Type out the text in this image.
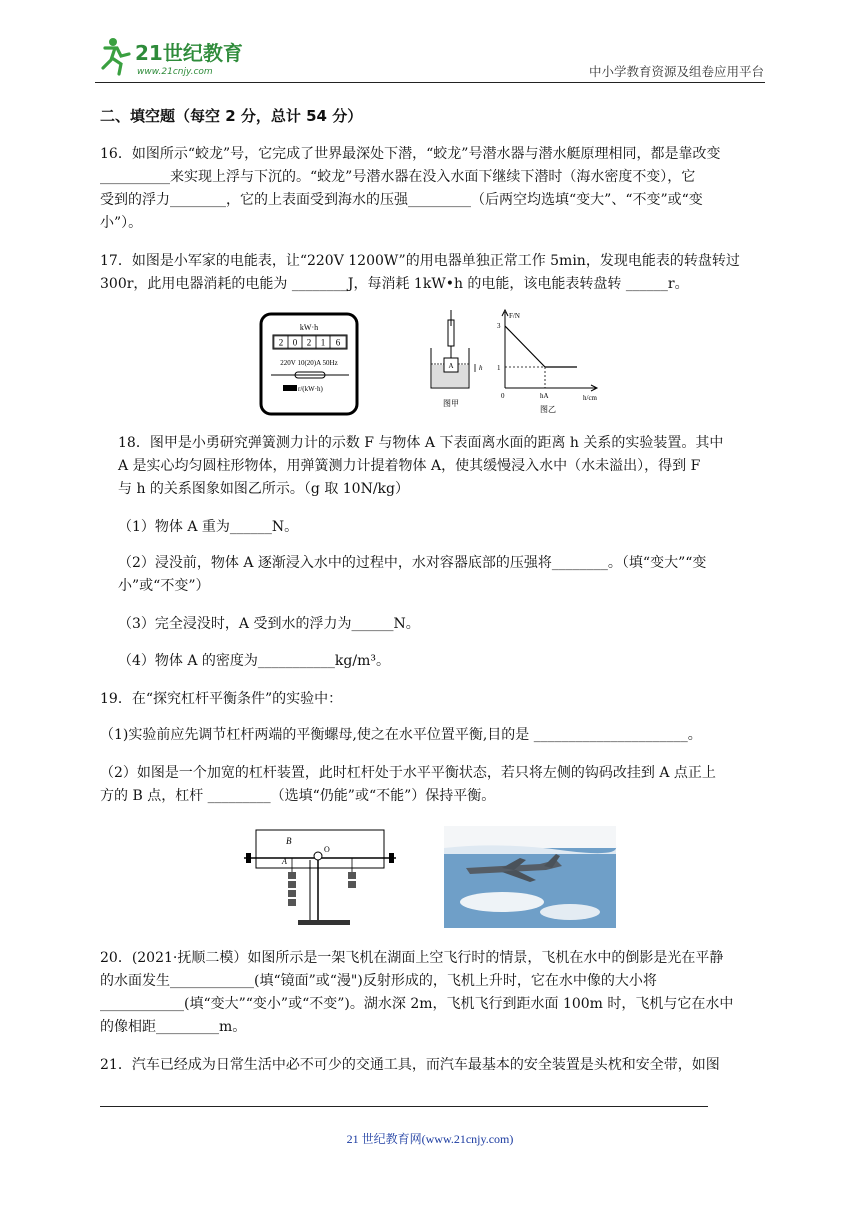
21世纪教育
www.21cnjy.com	中小学教育资源及组卷应用平台
二、填空题（每空 2 分，总计 54 分）
16．如图所示“蛟龙”号，它完成了世界最深处下潜，“蛟龙”号潜水器与潜水艇原理相同，都是靠改变
__________来实现上浮与下沉的。“蛟龙”号潜水器在没入水面下继续下潜时（海水密度不变），它
受到的浮力________，它的上表面受到海水的压强_________（后两空均选填“变大”、“不变”或“变
小”）。
17．如图是小军家的电能表，让“220V 1200W”的用电器单独正常工作 5min，发现电能表的转盘转过
300r，此用电器消耗的电能为 ________J，每消耗 1kW•h 的电能，该电能表转盘转 ______r。
kW·h
2 0 2 1 6
220V 10(20)A 50Hz
r/(kW·h)
A	h
图甲
F/N
3
1
0	hA	h/cm
图乙
18．图甲是小勇研究弹簧测力计的示数 F 与物体 A 下表面离水面的距离 h 关系的实验装置。其中
A 是实心均匀圆柱形物体，用弹簧测力计提着物体 A，使其缓慢浸入水中（水未溢出），得到 F
与 h 的关系图象如图乙所示。（g 取 10N/kg）
（1）物体 A 重为______N。
（2）浸没前，物体 A 逐渐浸入水中的过程中，水对容器底部的压强将________。（填“变大”“变
小”或“不变”）
（3）完全浸没时，A 受到水的浮力为______N。
（4）物体 A 的密度为___________kg/m³。
19．在“探究杠杆平衡条件”的实验中：
（1)实验前应先调节杠杆两端的平衡螺母,使之在水平位置平衡,目的是 ______________________。
（2）如图是一个加宽的杠杆装置，此时杠杆处于水平平衡状态，若只将左侧的钩码改挂到 A 点正上
方的 B 点，杠杆 _________（选填“仍能”或“不能”）保持平衡。
O
B
A
20．(2021·抚顺二模）如图所示是一架飞机在湖面上空飞行时的情景，飞机在水中的倒影是光在平静
的水面发生____________(填“镜面”或“漫")反射形成的，飞机上升时，它在水中像的大小将
____________(填“变大”“变小”或“不变”)。湖水深 2m，飞机飞行到距水面 100m 时，飞机与它在水中
的像相距_________m。
21．汽车已经成为日常生活中必不可少的交通工具，而汽车最基本的安全装置是头枕和安全带，如图
21 世纪教育网(www.21cnjy.com)
